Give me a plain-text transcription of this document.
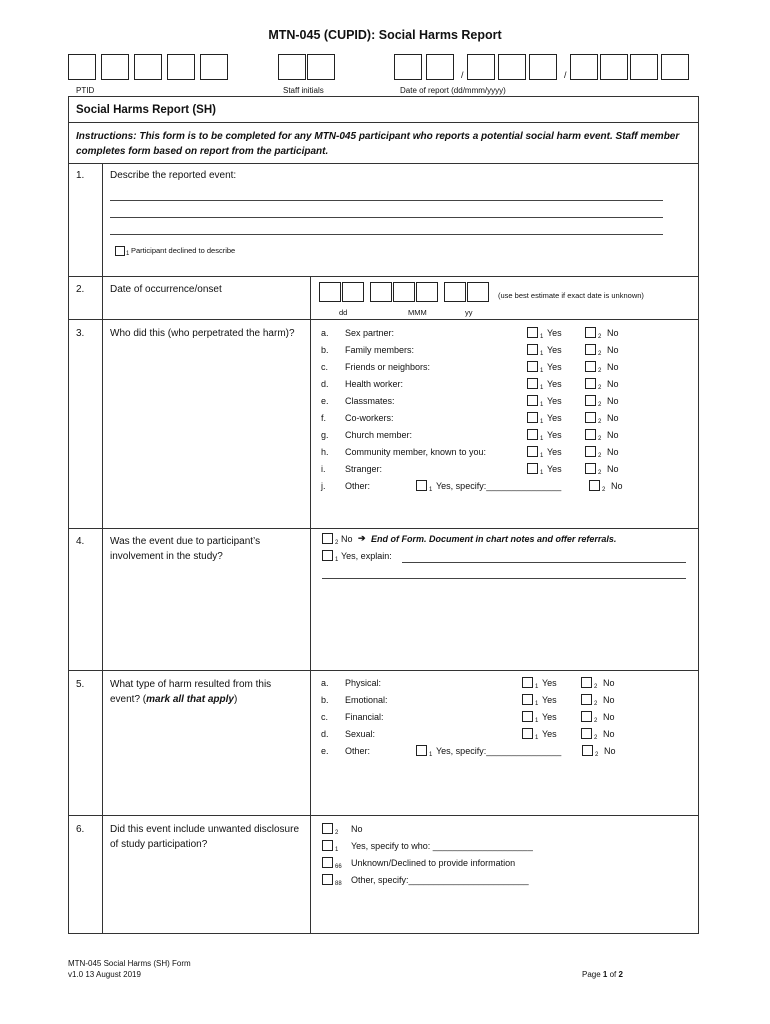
MTN-045 (CUPID): Social Harms Report
/	/
PTID	Staff initials	Date of report (dd/mmm/yyyy)
Social Harms Report (SH)
Instructions: This form is to be completed for any MTN-045 participant who reports a potential social harm event. Staff member completes form based on report from the participant.
1.	Describe the reported event:
1 Participant declined to describe
2.	Date of occurrence/onset
(use best estimate if exact date is unknown)
dd	MMM	yy
3.	Who did this (who perpetrated the harm)?	a. Sex partner:	1 Yes	2 No
b. Family members:	1 Yes	2 No
c. Friends or neighbors:	1 Yes	2 No
d. Health worker:	1 Yes	2 No
e. Classmates:	1 Yes	2 No
f. Co-workers:	1 Yes	2 No
g. Church member:	1 Yes	2 No
h. Community member, known to you:	1 Yes	2 No
i. Stranger:	1 Yes	2 No
j. Other:	1 Yes, specify:_______________	2 No
4.	Was the event due to participant’s involvement in the study?
2 No ➔ End of Form. Document in chart notes and offer referrals.
1 Yes, explain:
5.	What type of harm resulted from this event? (mark all that apply)
a. Physical:	1 Yes	2 No
b. Emotional:	1 Yes	2 No
c. Financial:	1 Yes	2 No
d. Sexual:	1 Yes	2 No
e. Other:	1 Yes, specify:_______________	2 No
6.	Did this event include unwanted disclosure of study participation?
2 No
1 Yes, specify to who: ____________________
66 Unknown/Declined to provide information
88 Other, specify:________________________
MTN-045 Social Harms (SH) Form
v1.0 13 August 2019	Page 1 of 2
